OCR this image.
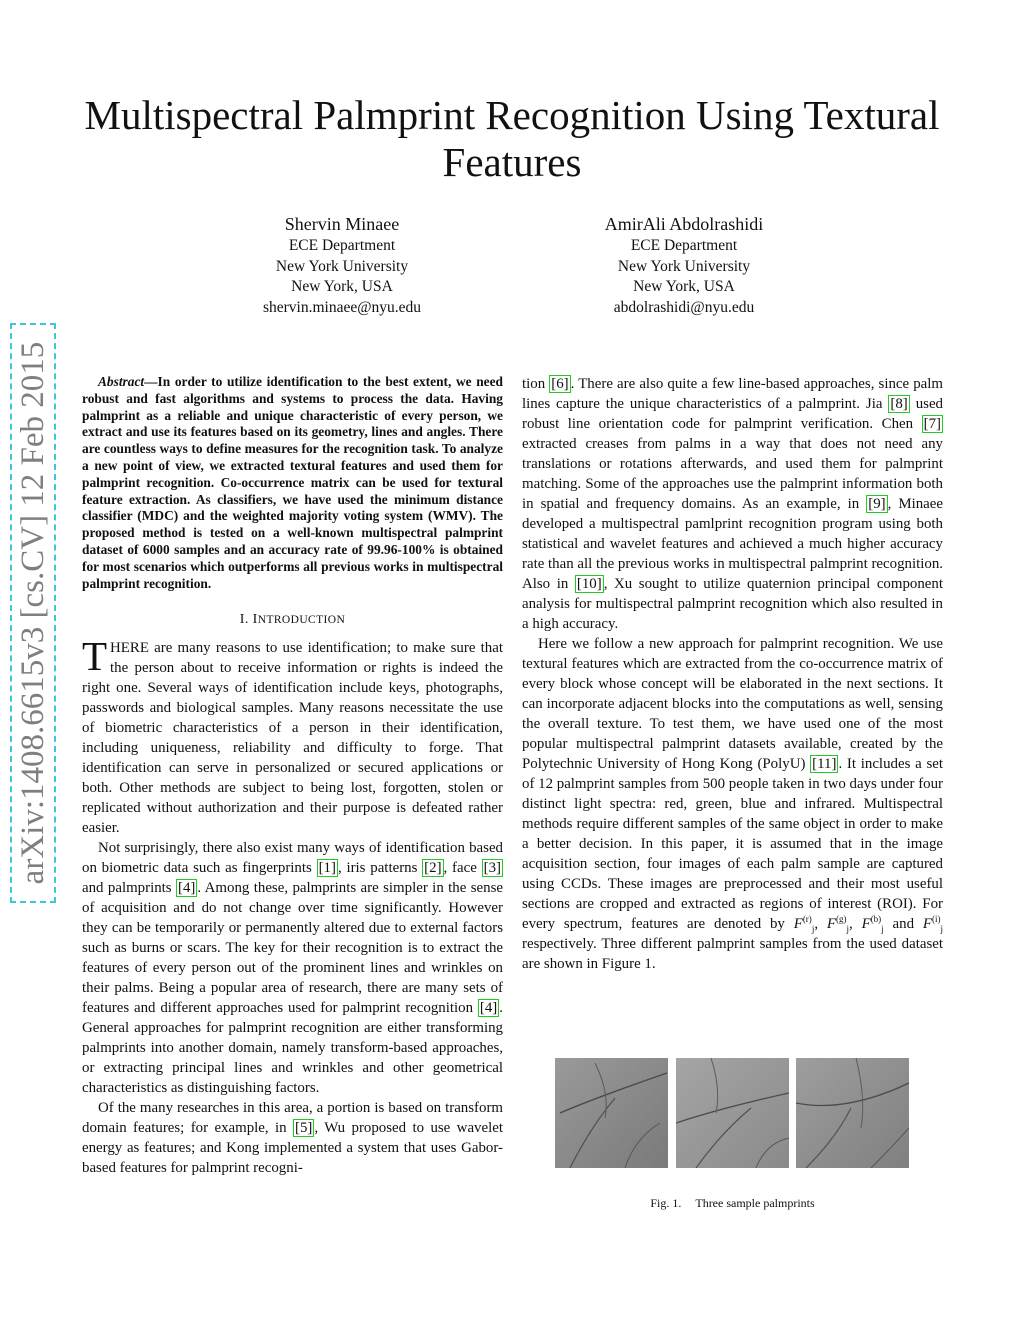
Multispectral Palmprint Recognition Using Textural Features
Shervin Minaee
ECE Department
New York University
New York, USA
shervin.minaee@nyu.edu
AmirAli Abdolrashidi
ECE Department
New York University
New York, USA
abdolrashidi@nyu.edu
arXiv:1408.6615v3 [cs.CV] 12 Feb 2015	Abstract—In order to utilize identification to the best extent, we need robust and fast algorithms and systems to process the data. Having palmprint as a reliable and unique characteristic of every person, we extract and use its features based on its geometry, lines and angles. There are countless ways to define measures for the recognition task. To analyze a new point of view, we extracted textural features and used them for palmprint recognition. Co-occurrence matrix can be used for textural feature extraction. As classifiers, we have used the minimum distance classifier (MDC) and the weighted majority voting system (WMV). The proposed method is tested on a well-known multispectral palmprint dataset of 6000 samples and an accuracy rate of 99.96-100% is obtained for most scenarios which outperforms all previous works in multispectral palmprint recognition.

I. INTRODUCTION

THERE are many reasons to use identification; to make sure that the person about to receive information or rights is indeed the right one. Several ways of identification include keys, photographs, passwords and biological samples. Many reasons necessitate the use of biometric characteristics of a person in their identification, including uniqueness, reliability and difficulty to forge. That identification can serve in personalized or secured applications or both. Other methods are subject to being lost, forgotten, stolen or replicated without authorization and their purpose is defeated rather easier.

Not surprisingly, there also exist many ways of identification based on biometric data such as fingerprints [1] , iris patterns [2] , face [3] and palmprints [4] . Among these, palmprints are simpler in the sense of acquisition and do not change over time significantly. However they can be temporarily or permanently altered due to external factors such as burns or scars. The key for their recognition is to extract the features of every person out of the prominent lines and wrinkles on their palms. Being a popular area of research, there are many sets of features and different approaches used for palmprint recognition [4] . General approaches for palmprint recognition are either transforming palmprints into another domain, namely transform-based approaches, or extracting principal lines and wrinkles and other geometrical characteristics as distinguishing factors.

Of the many researches in this area, a portion is based on transform domain features; for example, in [5] , Wu proposed to use wavelet energy as features; and Kong implemented a system that uses Gabor-based features for palmprint recogni-

tion [6] . There are also quite a few line-based approaches, since palm lines capture the unique characteristics of a palmprint. Jia [8] used robust line orientation code for palmprint verification. Chen [7] extracted creases from palms in a way that does not need any translations or rotations afterwards, and used them for palmprint matching. Some of the approaches use the palmprint information both in spatial and frequency domains. As an example, in [9] , Minaee developed a multispectral pamlprint recognition program using both statistical and wavelet features and achieved a much higher accuracy rate than all the previous works in multispectral palmprint recognition. Also in [10] , Xu sought to utilize quaternion principal component analysis for multispectral palmprint recognition which also resulted in a high accuracy.

Here we follow a new approach for palmprint recognition. We use textural features which are extracted from the co-occurrence matrix of every block whose concept will be elaborated in the next sections. It can incorporate adjacent blocks into the computations as well, sensing the overall texture. To test them, we have used one of the most popular multispectral palmprint datasets available, created by the Polytechnic University of Hong Kong (PolyU) [11] . It includes a set of 12 palmprint samples from 500 people taken in two days under four distinct light spectra: red, green, blue and infrared. Multispectral methods require different samples of the same object in order to make a better decision. In this paper, it is assumed that in the image acquisition section, four images of each palm sample are captured using CCDs. These images are preprocessed and their most useful sections are cropped and extracted as regions of interest (ROI). For every spectrum, features are denoted by $F^{(r)}_j$, $F^{(g)}_j$, $F^{(b)}_j$ and $F^{(i)}_j$ respectively. Three different palmprint samples from the used dataset are shown in Figure 1.

Fig. 1. Three sample palmprints
